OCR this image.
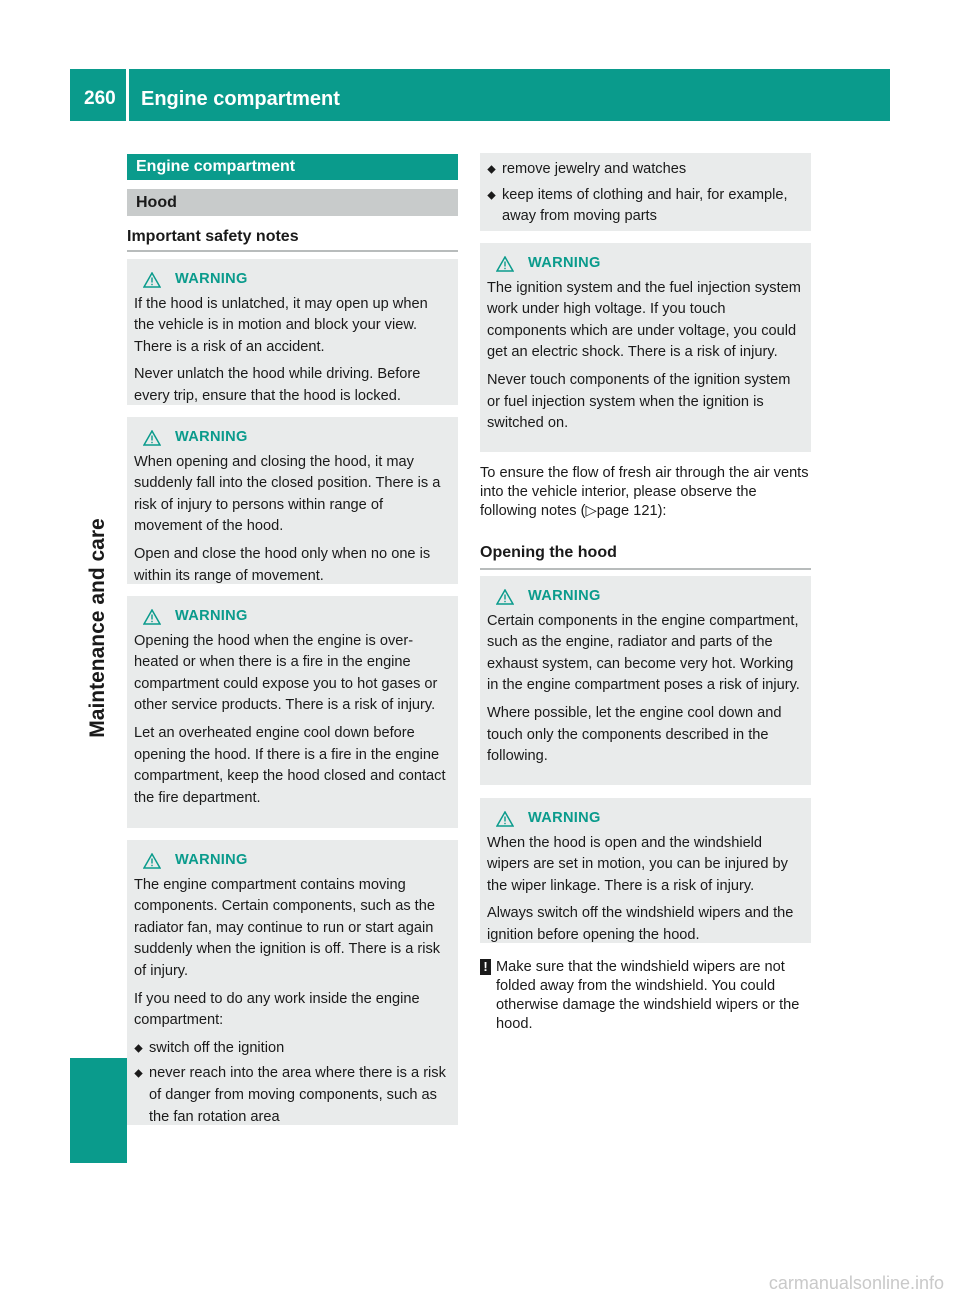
260 Engine compartment
Maintenance and care
Engine compartment
Hood
Important safety notes
WARNING

If the hood is unlatched, it may open up when the vehicle is in motion and block your view. There is a risk of an accident.

Never unlatch the hood while driving. Before every trip, ensure that the hood is locked.

WARNING

When opening and closing the hood, it may suddenly fall into the closed position. There is a risk of injury to persons within range of movement of the hood.

Open and close the hood only when no one is within its range of movement.

WARNING

Opening the hood when the engine is overheated or when there is a fire in the engine compartment could expose you to hot gases or other service products. There is a risk of injury.

Let an overheated engine cool down before opening the hood. If there is a fire in the engine compartment, keep the hood closed and contact the fire department.

WARNING

The engine compartment contains moving components. Certain components, such as the radiator fan, may continue to run or start again suddenly when the ignition is off. There is a risk of injury.

If you need to do any work inside the engine compartment:

switch off the ignition
never reach into the area where there is a risk of danger from moving components, such as the fan rotation area
remove jewelry and watches
keep items of clothing and hair, for example, away from moving parts
WARNING

The ignition system and the fuel injection system work under high voltage. If you touch components which are under voltage, you could get an electric shock. There is a risk of injury.

Never touch components of the ignition system or fuel injection system when the ignition is switched on.

To ensure the flow of fresh air through the air vents into the vehicle interior, please observe the following notes (▷page 121):
Opening the hood
WARNING

Certain components in the engine compartment, such as the engine, radiator and parts of the exhaust system, can become very hot. Working in the engine compartment poses a risk of injury.

Where possible, let the engine cool down and touch only the components described in the following.

WARNING

When the hood is open and the windshield wipers are set in motion, you can be injured by the wiper linkage. There is a risk of injury.

Always switch off the windshield wipers and the ignition before opening the hood.

! Make sure that the windshield wipers are not folded away from the windshield. You could otherwise damage the windshield wipers or the hood.
carmanualsonline.info
